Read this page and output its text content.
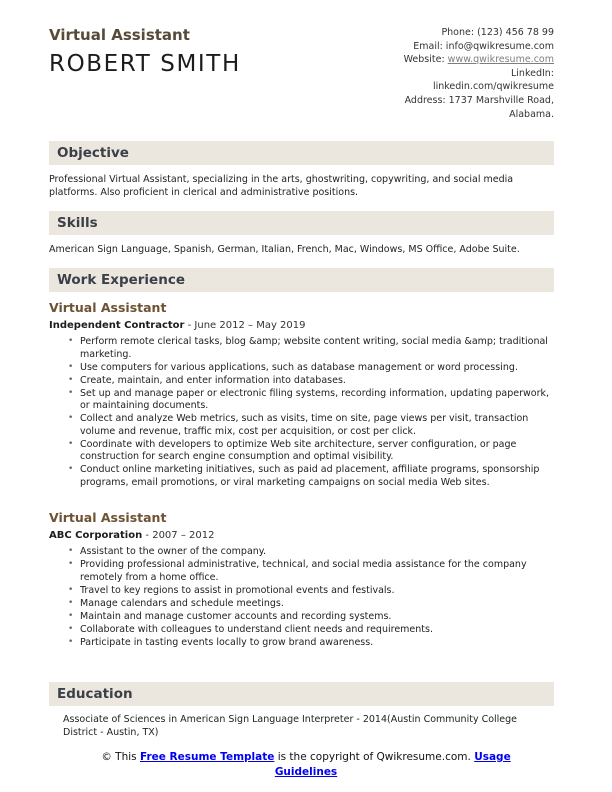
Virtual Assistant
ROBERT SMITH
Phone: (123) 456 78 99
Email: info@qwikresume.com
Website: www.qwikresume.com
LinkedIn:
linkedin.com/qwikresume
Address: 1737 Marshville Road,
Alabama.
Objective

Professional Virtual Assistant, specializing in the arts, ghostwriting, copywriting, and social media platforms. Also proficient in clerical and administrative positions.

Skills

American Sign Language, Spanish, German, Italian, French, Mac, Windows, MS Office, Adobe Suite.

Work Experience
Virtual Assistant
Independent Contractor - June 2012 – May 2019
• Perform remote clerical tasks, blog &amp; website content writing, social media &amp; traditional marketing.
• Use computers for various applications, such as database management or word processing.
• Create, maintain, and enter information into databases.
• Set up and manage paper or electronic filing systems, recording information, updating paperwork, or maintaining documents.
• Collect and analyze Web metrics, such as visits, time on site, page views per visit, transaction volume and revenue, traffic mix, cost per acquisition, or cost per click.
• Coordinate with developers to optimize Web site architecture, server configuration, or page construction for search engine consumption and optimal visibility.
• Conduct online marketing initiatives, such as paid ad placement, affiliate programs, sponsorship programs, email promotions, or viral marketing campaigns on social media Web sites.
Virtual Assistant
ABC Corporation - 2007 – 2012
• Assistant to the owner of the company.
• Providing professional administrative, technical, and social media assistance for the company remotely from a home office.
• Travel to key regions to assist in promotional events and festivals.
• Manage calendars and schedule meetings.
• Maintain and manage customer accounts and recording systems.
• Collaborate with colleagues to understand client needs and requirements.
• Participate in tasting events locally to grow brand awareness.
Education

Associate of Sciences in American Sign Language Interpreter - 2014(Austin Community College District - Austin, TX)

© This Free Resume Template is the copyright of Qwikresume.com. Usage Guidelines
